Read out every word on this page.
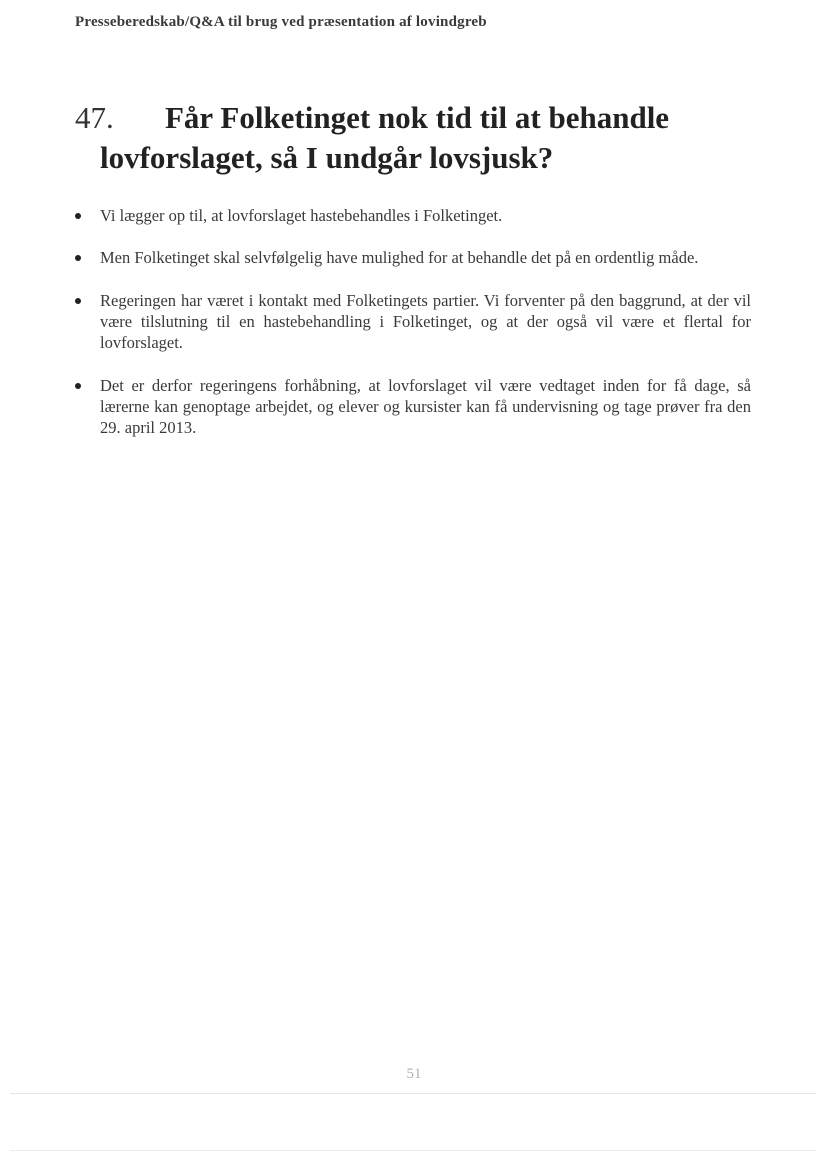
Presseberedskab/Q&A til brug ved præsentation af lovindgreb
47. Får Folketinget nok tid til at behandle
lovforslaget, så I undgår lovsjusk?
Vi lægger op til, at lovforslaget hastebehandles i Folketinget.
Men Folketinget skal selvfølgelig have mulighed for at behandle det på en ordentlig måde.
Regeringen har været i kontakt med Folketingets partier. Vi forventer på den baggrund, at der vil være tilslutning til en hastebehandling i Folketinget, og at der også vil være et flertal for lovforslaget.
Det er derfor regeringens forhåbning, at lovforslaget vil være vedtaget inden for få dage, så lærerne kan genoptage arbejdet, og elever og kursister kan få undervisning og tage prøver fra den 29. april 2013.
51
